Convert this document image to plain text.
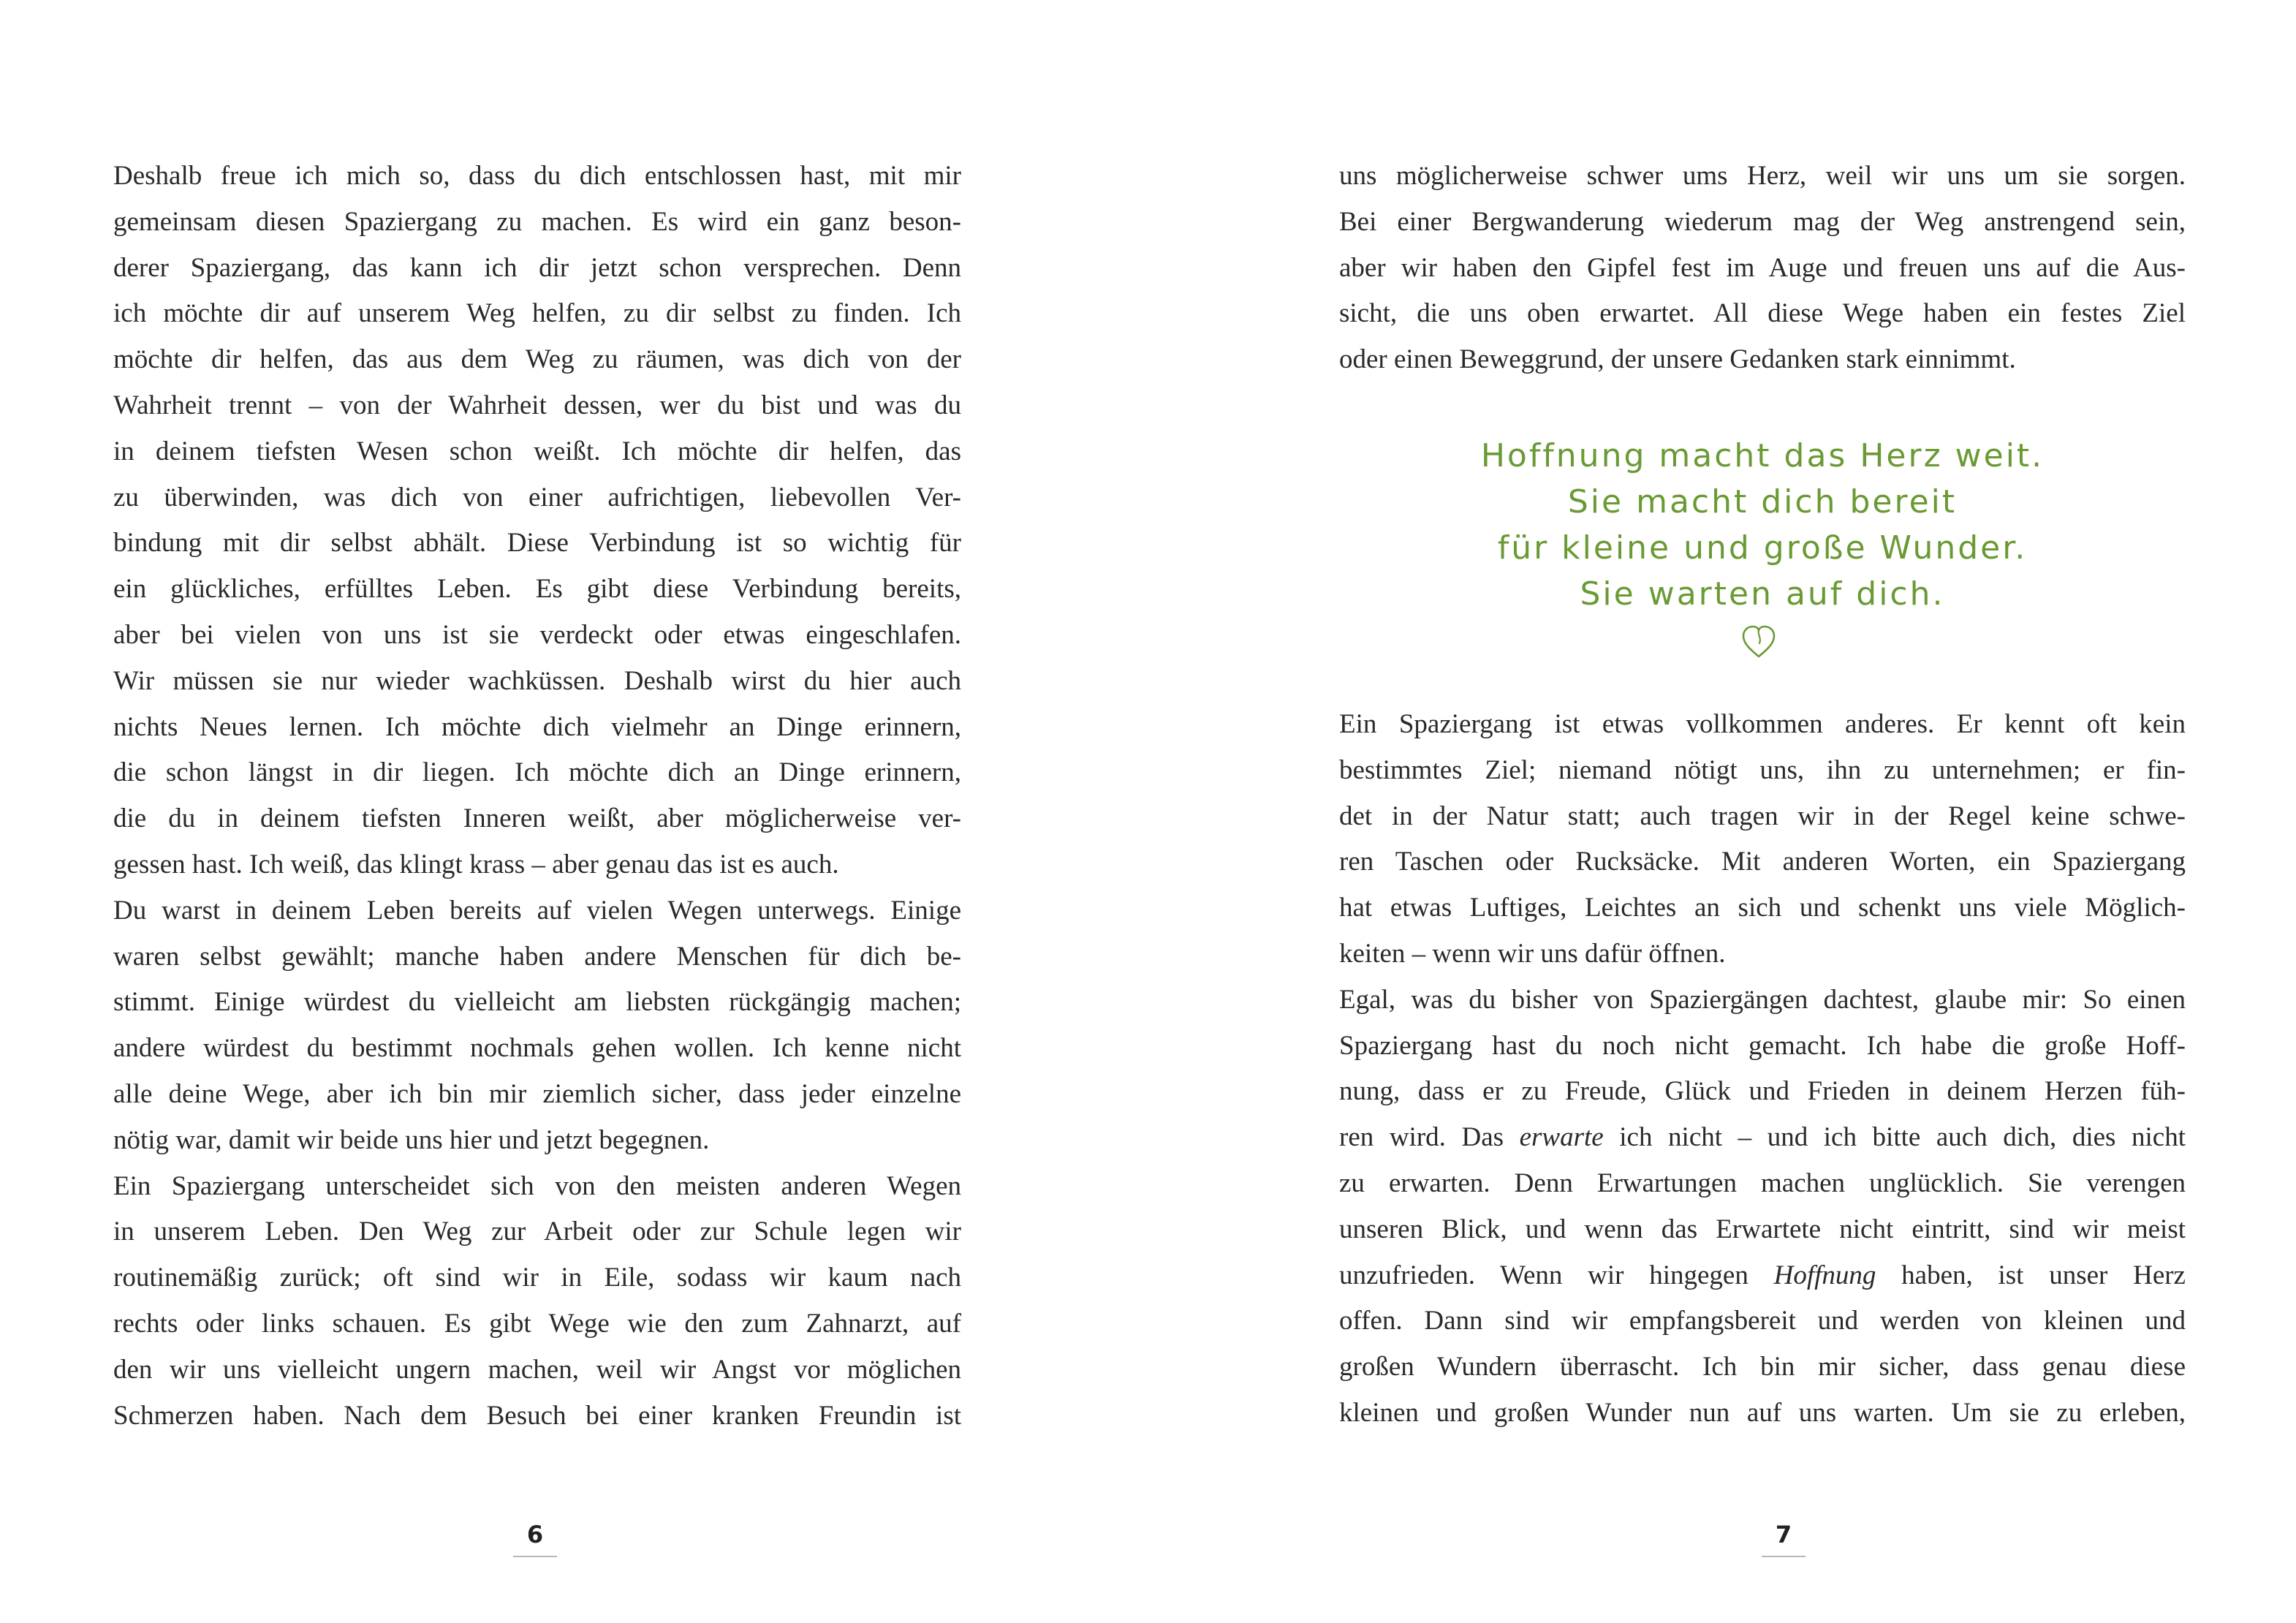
Deshalb freue ich mich so, dass du dich entschlossen hast, mit mir
gemeinsam diesen Spaziergang zu machen. Es wird ein ganz beson-
derer Spaziergang, das kann ich dir jetzt schon versprechen. Denn
ich möchte dir auf unserem Weg helfen, zu dir selbst zu finden. Ich
möchte dir helfen, das aus dem Weg zu räumen, was dich von der
Wahrheit trennt – von der Wahrheit dessen, wer du bist und was du
in deinem tiefsten Wesen schon weißt. Ich möchte dir helfen, das
zu überwinden, was dich von einer aufrichtigen, liebevollen Ver-
bindung mit dir selbst abhält. Diese Verbindung ist so wichtig für
ein glückliches, erfülltes Leben. Es gibt diese Verbindung bereits,
aber bei vielen von uns ist sie verdeckt oder etwas eingeschlafen.
Wir müssen sie nur wieder wachküssen. Deshalb wirst du hier auch
nichts Neues lernen. Ich möchte dich vielmehr an Dinge erinnern,
die schon längst in dir liegen. Ich möchte dich an Dinge erinnern,
die du in deinem tiefsten Inneren weißt, aber möglicherweise ver-
gessen hast. Ich weiß, das klingt krass – aber genau das ist es auch.
Du warst in deinem Leben bereits auf vielen Wegen unterwegs. Einige
waren selbst gewählt; manche haben andere Menschen für dich be-
stimmt. Einige würdest du vielleicht am liebsten rückgängig machen;
andere würdest du bestimmt nochmals gehen wollen. Ich kenne nicht
alle deine Wege, aber ich bin mir ziemlich sicher, dass jeder einzelne
nötig war, damit wir beide uns hier und jetzt begegnen.
Ein Spaziergang unterscheidet sich von den meisten anderen Wegen
in unserem Leben. Den Weg zur Arbeit oder zur Schule legen wir
routinemäßig zurück; oft sind wir in Eile, sodass wir kaum nach
rechts oder links schauen. Es gibt Wege wie den zum Zahnarzt, auf
den wir uns vielleicht ungern machen, weil wir Angst vor möglichen
Schmerzen haben. Nach dem Besuch bei einer kranken Freundin ist
6
uns möglicherweise schwer ums Herz, weil wir uns um sie sorgen.
Bei einer Bergwanderung wiederum mag der Weg anstrengend sein,
aber wir haben den Gipfel fest im Auge und freuen uns auf die Aus-
sicht, die uns oben erwartet. All diese Wege haben ein festes Ziel
oder einen Beweggrund, der unsere Gedanken stark einnimmt.
Hoffnung macht das Herz weit.
Sie macht dich bereit
für kleine und große Wunder.
Sie warten auf dich.
Ein Spaziergang ist etwas vollkommen anderes. Er kennt oft kein
bestimmtes Ziel; niemand nötigt uns, ihn zu unternehmen; er fin-
det in der Natur statt; auch tragen wir in der Regel keine schwe-
ren Taschen oder Rucksäcke. Mit anderen Worten, ein Spaziergang
hat etwas Luftiges, Leichtes an sich und schenkt uns viele Möglich-
keiten – wenn wir uns dafür öffnen.
Egal, was du bisher von Spaziergängen dachtest, glaube mir: So einen
Spaziergang hast du noch nicht gemacht. Ich habe die große Hoff-
nung, dass er zu Freude, Glück und Frieden in deinem Herzen füh-
ren wird. Das erwarte ich nicht – und ich bitte auch dich, dies nicht
zu erwarten. Denn Erwartungen machen unglücklich. Sie verengen
unseren Blick, und wenn das Erwartete nicht eintritt, sind wir meist
unzufrieden. Wenn wir hingegen Hoffnung haben, ist unser Herz
offen. Dann sind wir empfangsbereit und werden von kleinen und
großen Wundern überrascht. Ich bin mir sicher, dass genau diese
kleinen und großen Wunder nun auf uns warten. Um sie zu erleben,
7
